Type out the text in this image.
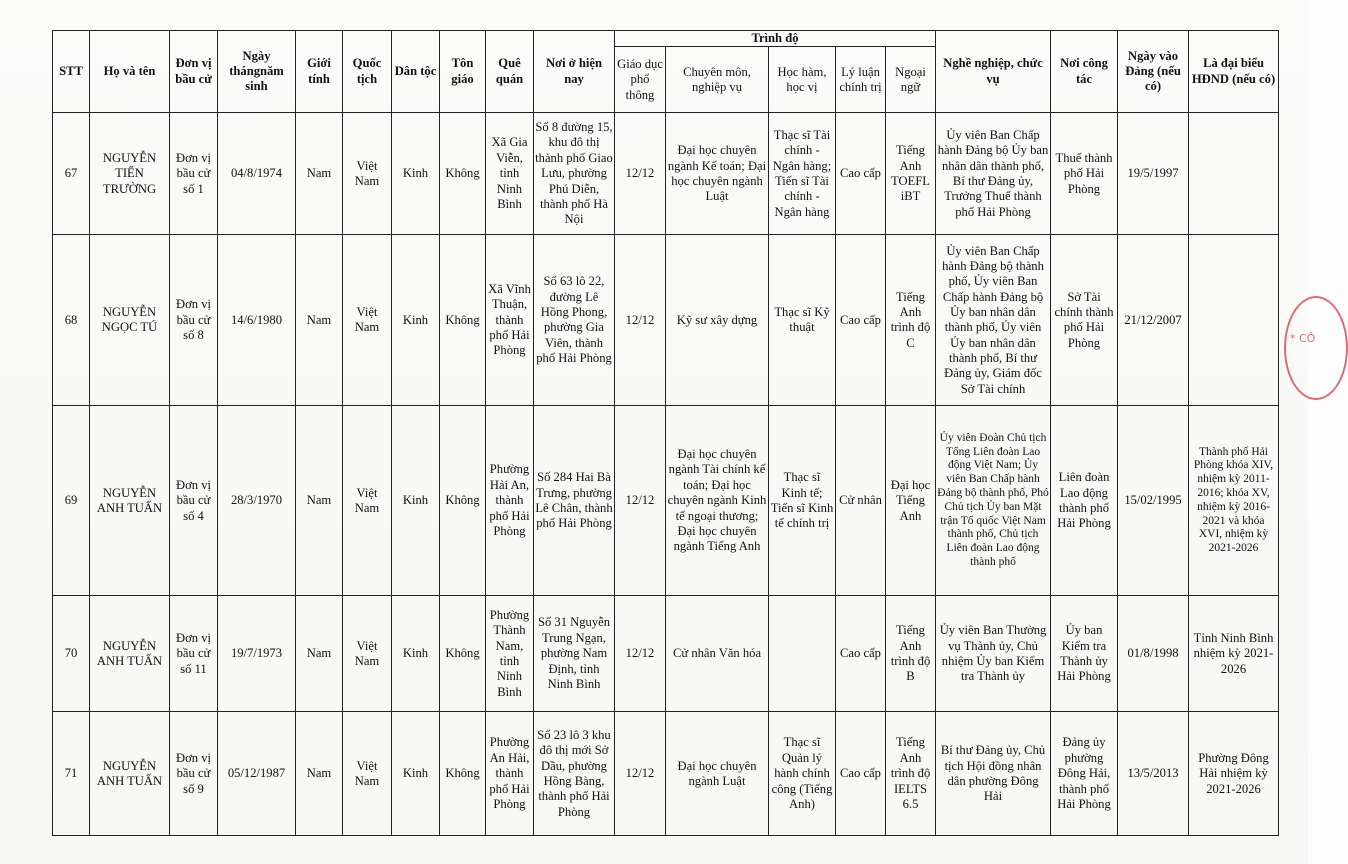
STT	Họ và tên	Đơn vị bầu cử	Ngày thángnăm sinh	Giới tính	Quốc tịch	Dân tộc	Tôn giáo	Quê quán	Nơi ở hiện nay	Trình độ					Nghề nghiệp, chức vụ	Nơi công tác	Ngày vào Đảng (nếu có)	Là đại biểu HĐND (nếu có)
										Giáo dục phổ thông	Chuyên môn, nghiệp vụ	Học hàm, học vị	Lý luận chính trị	Ngoại ngữ				
67	NGUYỄN TIẾN TRƯỜNG	Đơn vị bầu cử số 1	04/8/1974	Nam	Việt Nam	Kinh	Không	Xã Gia Viễn, tỉnh Ninh Bình	Số 8 đường 15, khu đô thị thành phố Giao Lưu, phường Phú Diễn, thành phố Hà Nội	12/12	Đại học chuyên ngành Kế toán; Đại học chuyên ngành Luật	Thạc sĩ Tài chính - Ngân hàng; Tiến sĩ Tài chính - Ngân hàng	Cao cấp	Tiếng Anh TOEFL iBT	Ủy viên Ban Chấp hành Đảng bộ Ủy ban nhân dân thành phố, Bí thư Đảng ủy, Trưởng Thuế thành phố Hải Phòng	Thuế thành phố Hải Phòng	19/5/1997	
68	NGUYỄN NGỌC TÚ	Đơn vị bầu cử số 8	14/6/1980	Nam	Việt Nam	Kinh	Không	Xã Vĩnh Thuận, thành phố Hải Phòng	Số 63 lô 22, đường Lê Hồng Phong, phường Gia Viên, thành phố Hải Phòng	12/12	Kỹ sư xây dựng	Thạc sĩ Kỹ thuật	Cao cấp	Tiếng Anh trình độ C	Ủy viên Ban Chấp hành Đảng bộ thành phố, Ủy viên Ban Chấp hành Đảng bộ Ủy ban nhân dân thành phố, Ủy viên Ủy ban nhân dân thành phố, Bí thư Đảng ủy, Giám đốc Sở Tài chính	Sở Tài chính thành phố Hải Phòng	21/12/2007	
69	NGUYỄN ANH TUẤN	Đơn vị bầu cử số 4	28/3/1970	Nam	Việt Nam	Kinh	Không	Phường Hải An, thành phố Hải Phòng	Số 284 Hai Bà Trưng, phường Lê Chân, thành phố Hải Phòng	12/12	Đại học chuyên ngành Tài chính kế toán; Đại học chuyên ngành Kinh tế ngoại thương; Đại học chuyên ngành Tiếng Anh	Thạc sĩ Kinh tế; Tiến sĩ Kinh tế chính trị	Cử nhân	Đại học Tiếng Anh	Ủy viên Đoàn Chủ tịch Tổng Liên đoàn Lao động Việt Nam; Ủy viên Ban Chấp hành Đảng bộ thành phố, Phó Chủ tịch Ủy ban Mặt trận Tổ quốc Việt Nam thành phố, Chủ tịch Liên đoàn Lao động thành phố	Liên đoàn Lao động thành phố Hải Phòng	15/02/1995	Thành phố Hải Phòng khóa XIV, nhiệm kỳ 2011-2016; khóa XV, nhiệm kỳ 2016-2021 và khóa XVI, nhiệm kỳ 2021-2026
70	NGUYỄN ANH TUẤN	Đơn vị bầu cử số 11	19/7/1973	Nam	Việt Nam	Kinh	Không	Phường Thành Nam, tỉnh Ninh Bình	Số 31 Nguyễn Trung Ngạn, phường Nam Định, tỉnh Ninh Bình	12/12	Cử nhân Văn hóa		Cao cấp	Tiếng Anh trình độ B	Ủy viên Ban Thường vụ Thành ủy, Chủ nhiệm Ủy ban Kiểm tra Thành ủy	Ủy ban Kiểm tra Thành ủy Hải Phòng	01/8/1998	Tỉnh Ninh Bình nhiệm kỳ 2021-2026
71	NGUYỄN ANH TUẤN	Đơn vị bầu cử số 9	05/12/1987	Nam	Việt Nam	Kinh	Không	Phường An Hải, thành phố Hải Phòng	Số 23 lô 3 khu đô thị mới Sở Dầu, phường Hồng Bàng, thành phố Hải Phòng	12/12	Đại học chuyên ngành Luật	Thạc sĩ Quản lý hành chính công (Tiếng Anh)	Cao cấp	Tiếng Anh trình độ IELTS 6.5	Bí thư Đảng ủy, Chủ tịch Hội đồng nhân dân phường Đông Hải	Đảng ủy phường Đông Hải, thành phố Hải Phòng	13/5/2013	Phường Đông Hải nhiệm kỳ 2021-2026
* CÔ
